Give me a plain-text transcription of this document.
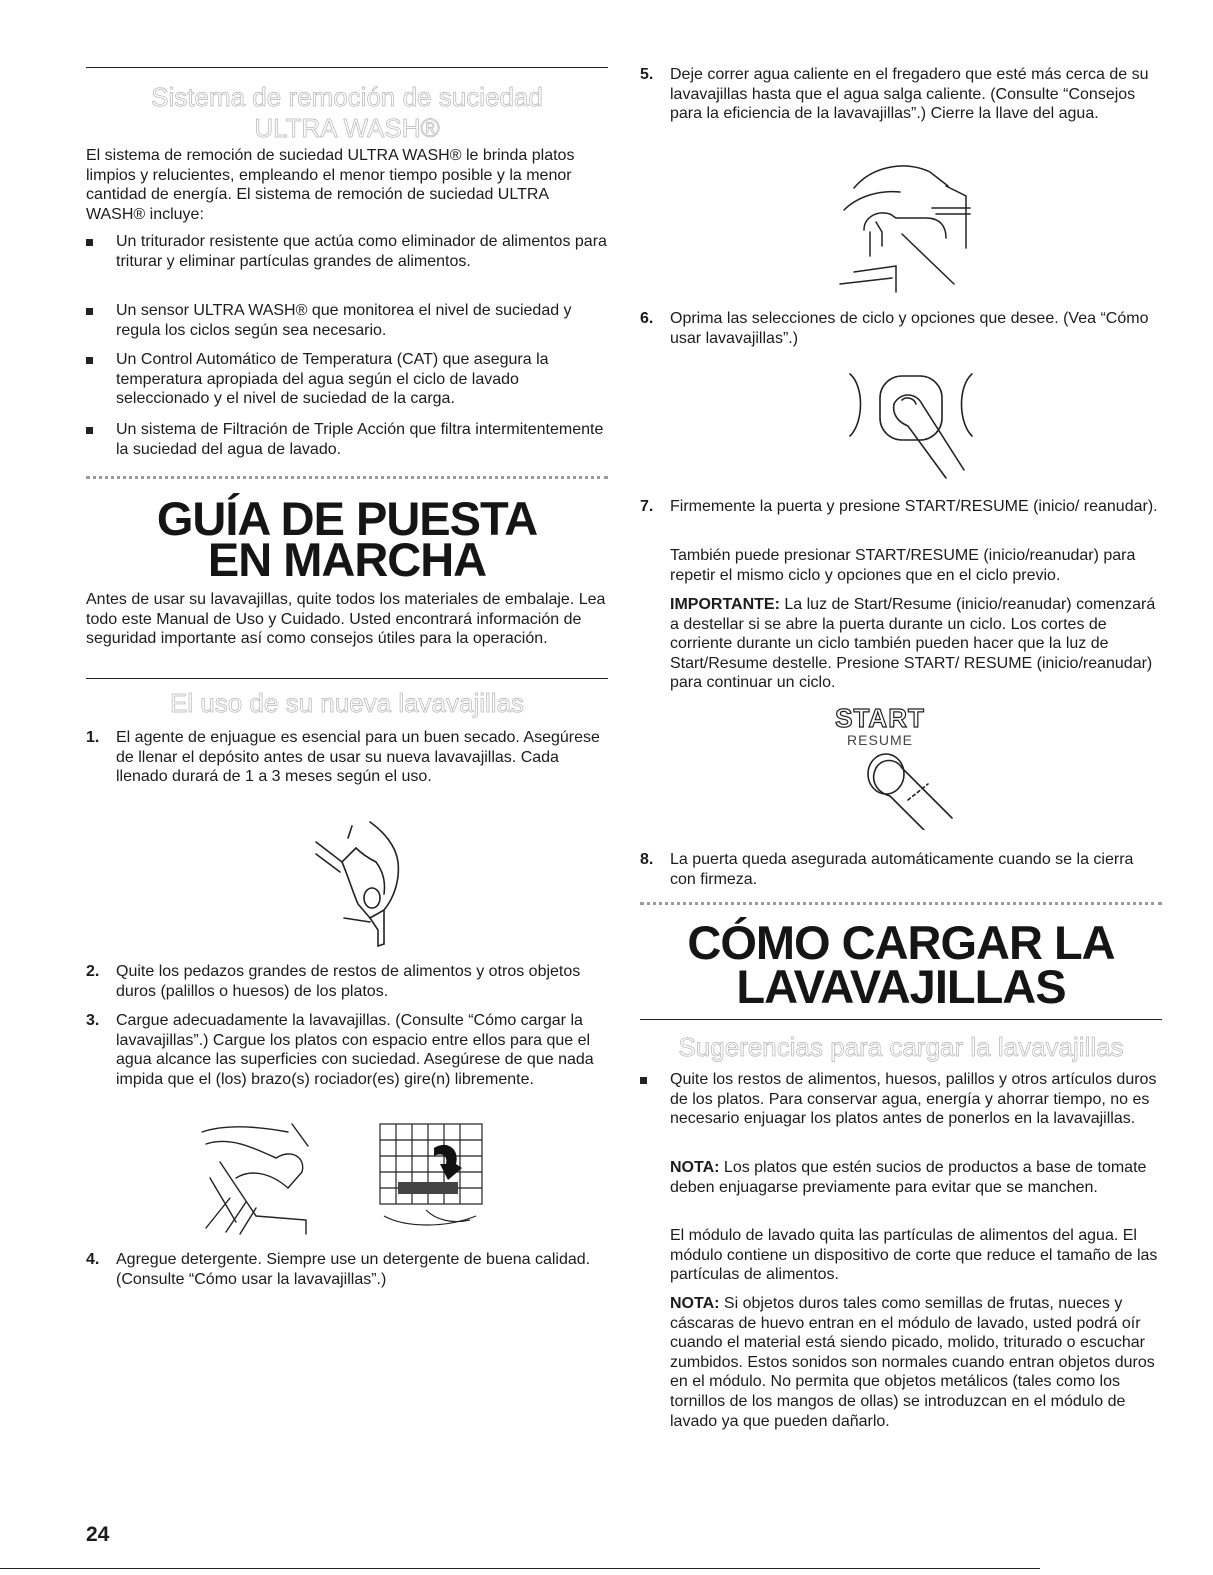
Sistema de remoción de suciedad ULTRA WASH®

El sistema de remoción de suciedad ULTRA WASH® le brinda platos limpios y relucientes, empleando el menor tiempo posible y la menor cantidad de energía. El sistema de remoción de suciedad ULTRA WASH® incluye:

Un triturador resistente que actúa como eliminador de alimentos para triturar y eliminar partículas grandes de alimentos.
Un sensor ULTRA WASH® que monitorea el nivel de suciedad y regula los ciclos según sea necesario.
Un Control Automático de Temperatura (CAT) que asegura la temperatura apropiada del agua según el ciclo de lavado seleccionado y el nivel de suciedad de la carga.
Un sistema de Filtración de Triple Acción que filtra intermitentemente la suciedad del agua de lavado.
GUÍA DE PUESTA
EN MARCHA

Antes de usar su lavavajillas, quite todos los materiales de embalaje. Lea todo este Manual de Uso y Cuidado. Usted encontrará información de seguridad importante así como consejos útiles para la operación.

El uso de su nueva lavavajillas
1. El agente de enjuague es esencial para un buen secado. Asegúrese de llenar el depósito antes de usar su nueva lavavajillas. Cada llenado durará de 1 a 3 meses según el uso.
2. Quite los pedazos grandes de restos de alimentos y otros objetos duros (palillos o huesos) de los platos.
3. Cargue adecuadamente la lavavajillas. (Consulte “Cómo cargar la lavavajillas”.) Cargue los platos con espacio entre ellos para que el agua alcance las superficies con suciedad. Asegúrese de que nada impida que el (los) brazo(s) rociador(es) gire(n) libremente.
4. Agregue detergente. Siempre use un detergente de buena calidad. (Consulte “Cómo usar la lavavajillas”.)
5. Deje correr agua caliente en el fregadero que esté más cerca de su lavavajillas hasta que el agua salga caliente. (Consulte “Consejos para la eficiencia de la lavavajillas”.) Cierre la llave del agua.
6. Oprima las selecciones de ciclo y opciones que desee. (Vea “Cómo usar lavavajillas”.)
7. Firmemente la puerta y presione START/RESUME (inicio/ reanudar).

También puede presionar START/RESUME (inicio/reanudar) para repetir el mismo ciclo y opciones que en el ciclo previo.

IMPORTANTE: La luz de Start/Resume (inicio/reanudar) comenzará a destellar si se abre la puerta durante un ciclo. Los cortes de corriente durante un ciclo también pueden hacer que la luz de Start/Resume destelle. Presione START/ RESUME (inicio/reanudar) para continuar un ciclo.

START
RESUME
8. La puerta queda asegurada automáticamente cuando se la cierra con firmeza.
CÓMO CARGAR LA
LAVAVAJILLAS
Sugerencias para cargar la lavavajillas
Quite los restos de alimentos, huesos, palillos y otros artículos duros de los platos. Para conservar agua, energía y ahorrar tiempo, no es necesario enjuagar los platos antes de ponerlos en la lavavajillas.

NOTA: Los platos que estén sucios de productos a base de tomate deben enjuagarse previamente para evitar que se manchen.

El módulo de lavado quita las partículas de alimentos del agua. El módulo contiene un dispositivo de corte que reduce el tamaño de las partículas de alimentos.

NOTA: Si objetos duros tales como semillas de frutas, nueces y cáscaras de huevo entran en el módulo de lavado, usted podrá oír cuando el material está siendo picado, molido, triturado o escuchar zumbidos. Estos sonidos son normales cuando entran objetos duros en el módulo. No permita que objetos metálicos (tales como los tornillos de los mangos de ollas) se introduzcan en el módulo de lavado ya que pueden dañarlo.

24
